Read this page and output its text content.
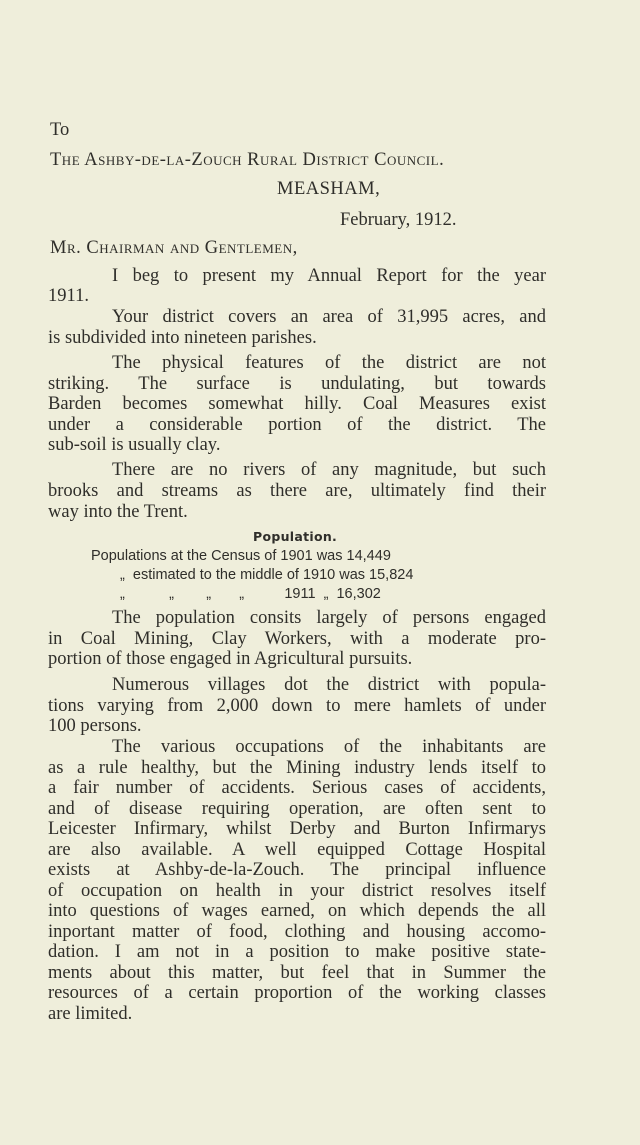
To
The Ashby-de-la-Zouch Rural District Council.
MEASHAM,
February, 1912.
Mr. Chairman and Gentlemen,
I beg to present my Annual Report for the year
1911.
Your district covers an area of 31,995 acres, and
is subdivided into nineteen parishes.
The physical features of the district are not
striking. The surface is undulating, but towards
Barden becomes somewhat hilly. Coal Measures exist
under a considerable portion of the district. The
sub-soil is usually clay.
There are no rivers of any magnitude, but such
brooks and streams as there are, ultimately find their
way into the Trent.
Population.
Populations at the Census of 1901 was 14,449
„  estimated to the middle of 1910 was 15,824
„           „        „       „          1911  „  16,302
The population consits largely of persons engaged
in Coal Mining, Clay Workers, with a moderate pro-
portion of those engaged in Agricultural pursuits.
Numerous villages dot the district with popula-
tions varying from 2,000 down to mere hamlets of under
100 persons.
The various occupations of the inhabitants are
as a rule healthy, but the Mining industry lends itself to
a fair number of accidents. Serious cases of accidents,
and of disease requiring operation, are often sent to
Leicester Infirmary, whilst Derby and Burton Infirmarys
are also available. A well equipped Cottage Hospital
exists at Ashby-de-la-Zouch. The principal influence
of occupation on health in your district resolves itself
into questions of wages earned, on which depends the all
inportant matter of food, clothing and housing accomo-
dation. I am not in a position to make positive state-
ments about this matter, but feel that in Summer the
resources of a certain proportion of the working classes
are limited.
